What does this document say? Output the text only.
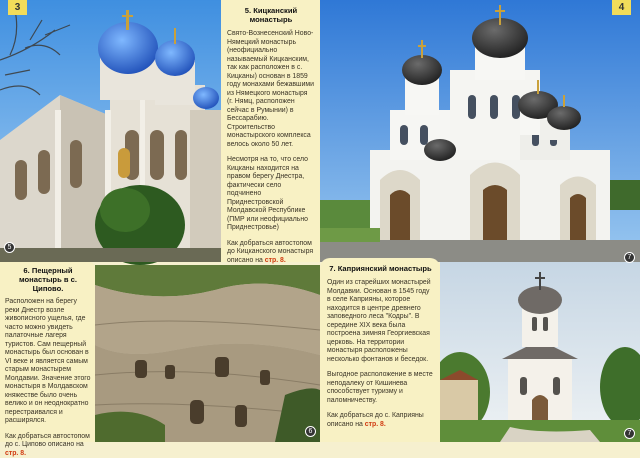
5. Кицканский монастырь

Свято-Вознесенский Ново-Нямецкий монастырь (неофициально называемый Кицканским, так как расположен в с. Кицканы) основан в 1859 году монахами бежавшими из Нямецкого монастыря (г. Нямц, расположен сейчас в Румынии) в Бессарабию. Строительство монастырского комплекса велось около 50 лет.

Несмотря на то, что село Кицканы находится на правом берегу Днестра, фактически село подчинено Приднестровской Молдавской Республике (ПМР или неофициально Приднестровье)

Как добраться автостопом до Кицканского монастыря описано на стр. 8.

6. Пещерный монастырь в с. Ципово.

Расположен на берегу реки Днестр возле живописного ущелья, где часто можно увидеть палаточные лагеря туристов. Сам пещерный монастырь был основан в VI веке и является самым старым монастырем Молдавии. Значение этого монастыря в Молдавском княжестве было очень велико и он неоднократно перестраивался и расширялся.

Как добраться автостопом до с. Ципово описано на стр. 8.

7. Каприянский монастырь

Один из старейших монастырей Молдавии. Основан в 1545 году в селе Каприяны, которое находится в центре древнего заповедного леса "Кодры". В середине XIX века была построена зимняя Георгиевская церковь. На территории монастыря расположены несколько фонтанов и беседок.

Выгодное расположение в месте неподалеку от Кишинева способствует туризму и паломничеству.

Как добраться до с. Каприяны описано на стр. 8.

3	4
5
6
7
7
